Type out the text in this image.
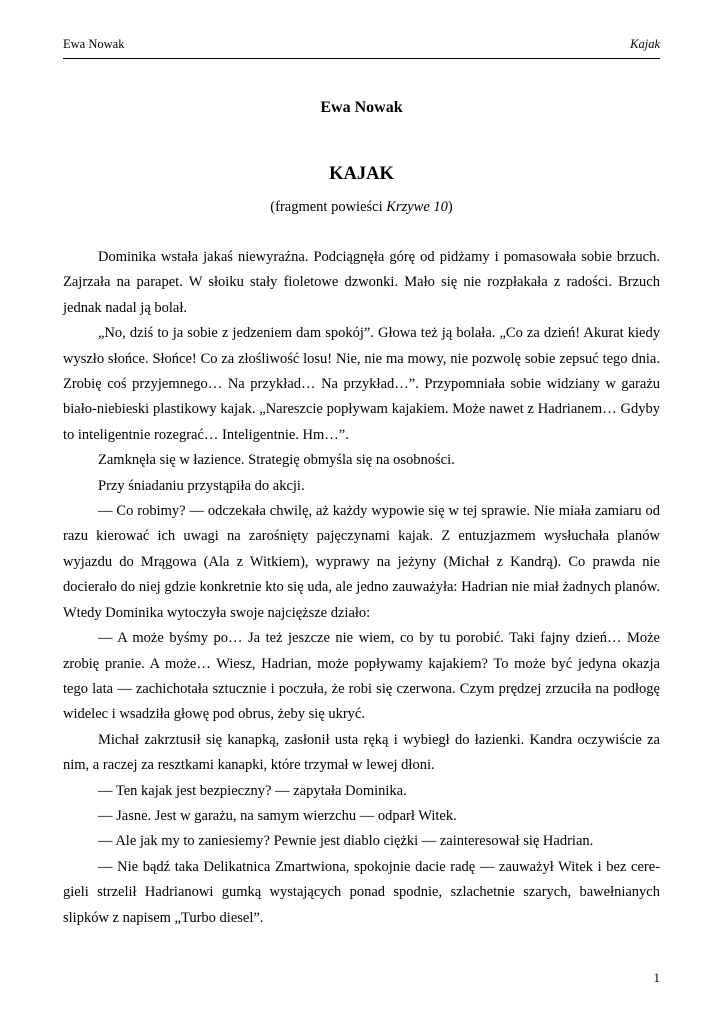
Ewa Nowak	Kajak
Ewa Nowak
KAJAK
(fragment powieści Krzywe 10)

Dominika wstała jakaś niewyraźna. Podciągnęła górę od pidżamy i pomasowała sobie brzuch. Zajrzała na parapet. W słoiku stały fioletowe dzwonki. Mało się nie rozpłakała z radości. Brzuch jednak nadal ją bolał.

„No, dziś to ja sobie z jedzeniem dam spokój”. Głowa też ją bolała. „Co za dzień! Akurat kiedy wyszło słońce. Słońce! Co za złośliwość losu! Nie, nie ma mowy, nie pozwolę sobie zepsuć tego dnia. Zrobię coś przyjemnego… Na przykład… Na przykład…”. Przypomniała sobie widziany w garażu biało-niebieski plastikowy kajak. „Nareszcie popływam kajakiem. Może nawet z Hadrianem… Gdyby to inteligentnie rozegrać… Inteligentnie. Hm…”.

Zamknęła się w łazience. Strategię obmyśla się na osobności.

Przy śniadaniu przystąpiła do akcji.

— Co robimy? — odczekała chwilę, aż każdy wypowie się w tej sprawie. Nie miała zamiaru od razu kierować ich uwagi na zarośnięty pajęczynami kajak. Z entuzjazmem wysłuchała planów wyjazdu do Mrągowa (Ala z Witkiem), wyprawy na jeżyny (Michał z Kandrą). Co prawda nie docierało do niej gdzie konkretnie kto się uda, ale jedno zauważyła: Hadrian nie miał żadnych planów. Wtedy Dominika wytoczyła swoje najcięższe działo:

— A może byśmy po… Ja też jeszcze nie wiem, co by tu porobić. Taki fajny dzień… Może zrobię pranie. A może… Wiesz, Hadrian, może popływamy kajakiem? To może być jedyna okazja tego lata — zachichotała sztucznie i poczuła, że robi się czerwona. Czym prędzej zrzuciła na podłogę widelec i wsadziła głowę pod obrus, żeby się ukryć.

Michał zakrztusił się kanapką, zasłonił usta ręką i wybiegł do łazienki. Kandra oczywiście za nim, a raczej za resztkami kanapki, które trzymał w lewej dłoni.

— Ten kajak jest bezpieczny? — zapytała Dominika.

— Jasne. Jest w garażu, na samym wierzchu — odparł Witek.

— Ale jak my to zaniesiemy? Pewnie jest diablo ciężki — zainteresował się Hadrian.

— Nie bądź taka Delikatnica Zmartwiona, spokojnie dacie radę — zauważył Witek i bez ceregieli strzelił Hadrianowi gumką wystających ponad spodnie, szlachetnie szarych, bawełnianych slipków z napisem „Turbo diesel”.

1
